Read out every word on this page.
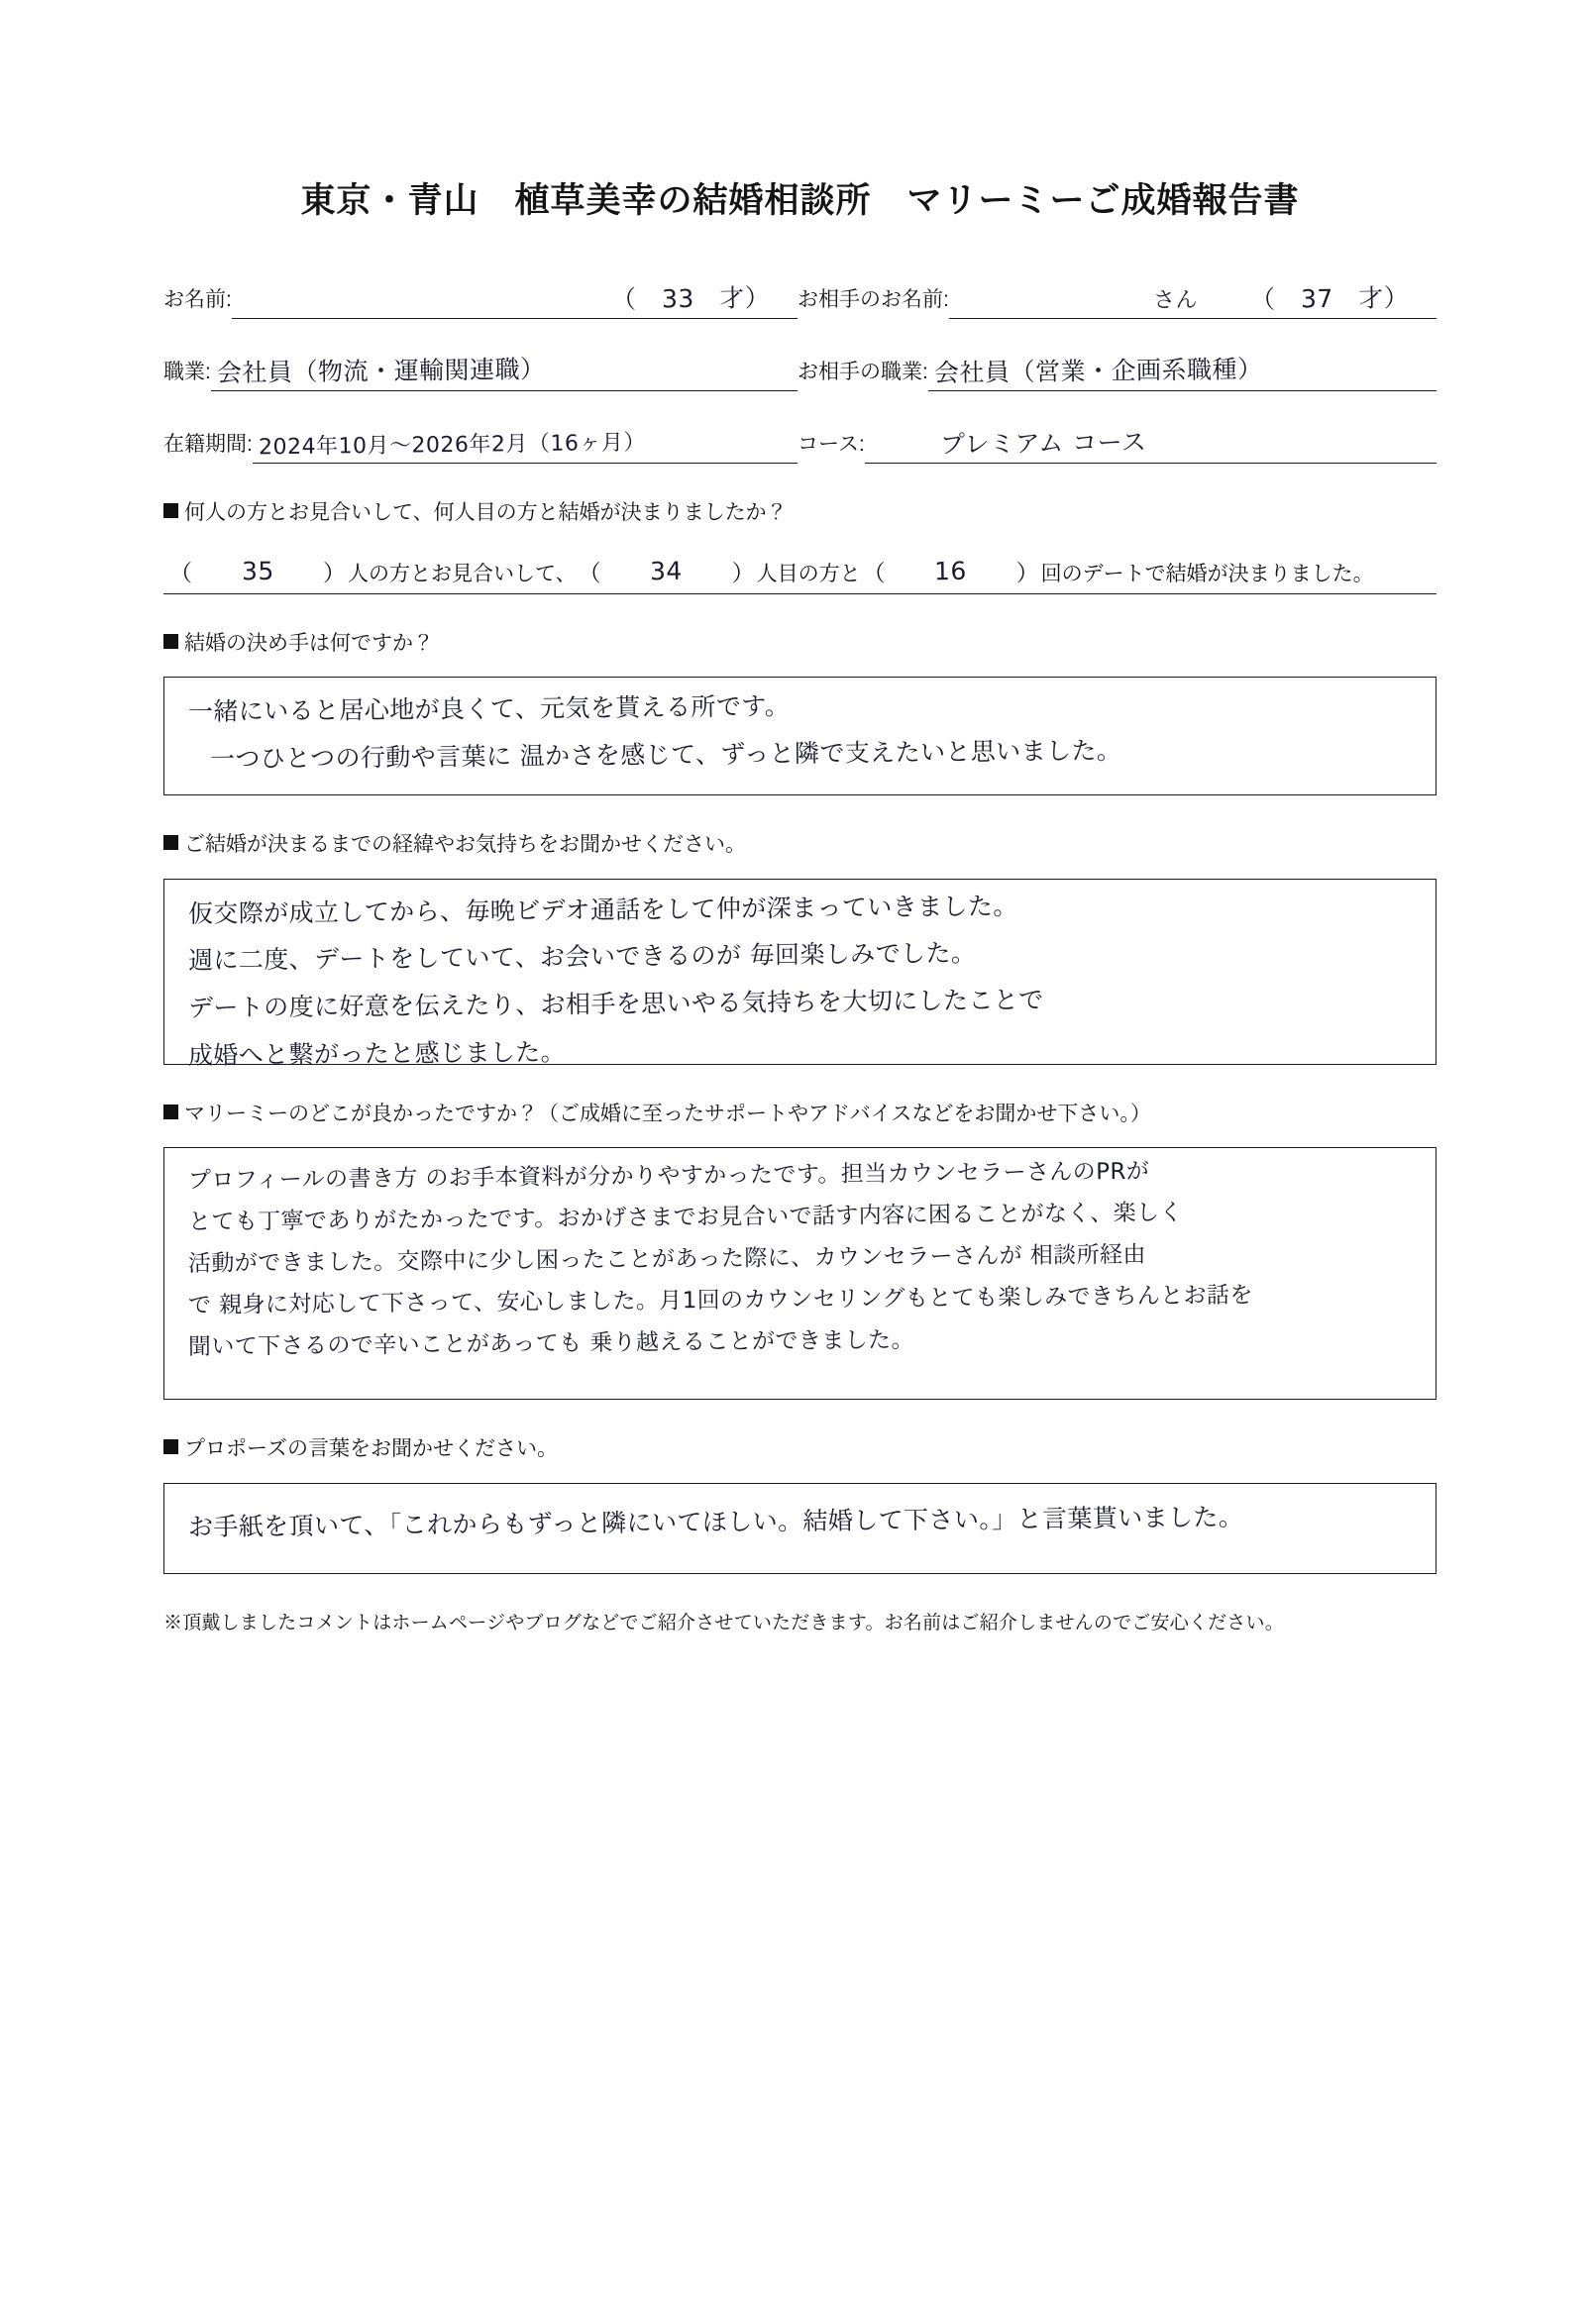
東京・青山　植草美幸の結婚相談所　マリーミーご成婚報告書
お名前:	（　33　才） お相手のお名前:	さん （　37　才）
職業: 会社員（物流・運輸関連職）	お相手の職業: 会社員（営業・企画系職種）
在籍期間: 2024年10月〜2026年2月（16ヶ月）	コース:	プレミアム コース
何人の方とお見合いして、何人目の方と結婚が決まりましたか？
（ 35 ） 人の方とお見合いして、 （ 34 ） 人目の方と （ 16 ） 回のデートで結婚が決まりました。
結婚の決め手は何ですか？

一緒にいると居心地が良くて、元気を貰える所です。

一つひとつの行動や言葉に 温かさを感じて、ずっと隣で支えたいと思いました。

ご結婚が決まるまでの経緯やお気持ちをお聞かせください。

仮交際が成立してから、毎晩ビデオ通話をして仲が深まっていきました。

週に二度、デートをしていて、お会いできるのが 毎回楽しみでした。

デートの度に好意を伝えたり、お相手を思いやる気持ちを大切にしたことで

成婚へと繋がったと感じました。

マリーミーのどこが良かったですか？（ご成婚に至ったサポートやアドバイスなどをお聞かせ下さい。）

プロフィールの書き方 のお手本資料が分かりやすかったです。担当カウンセラーさんのPRが

とても丁寧でありがたかったです。おかげさまでお見合いで話す内容に困ることがなく、楽しく

活動ができました。交際中に少し困ったことがあった際に、カウンセラーさんが 相談所経由

で 親身に対応して下さって、安心しました。月1回のカウンセリングもとても楽しみできちんとお話を

聞いて下さるので辛いことがあっても 乗り越えることができました。

プロポーズの言葉をお聞かせください。

お手紙を頂いて、「これからもずっと隣にいてほしい。結婚して下さい。」と言葉貰いました。

※頂戴しましたコメントはホームページやブログなどでご紹介させていただきます。お名前はご紹介しませんのでご安心ください。
